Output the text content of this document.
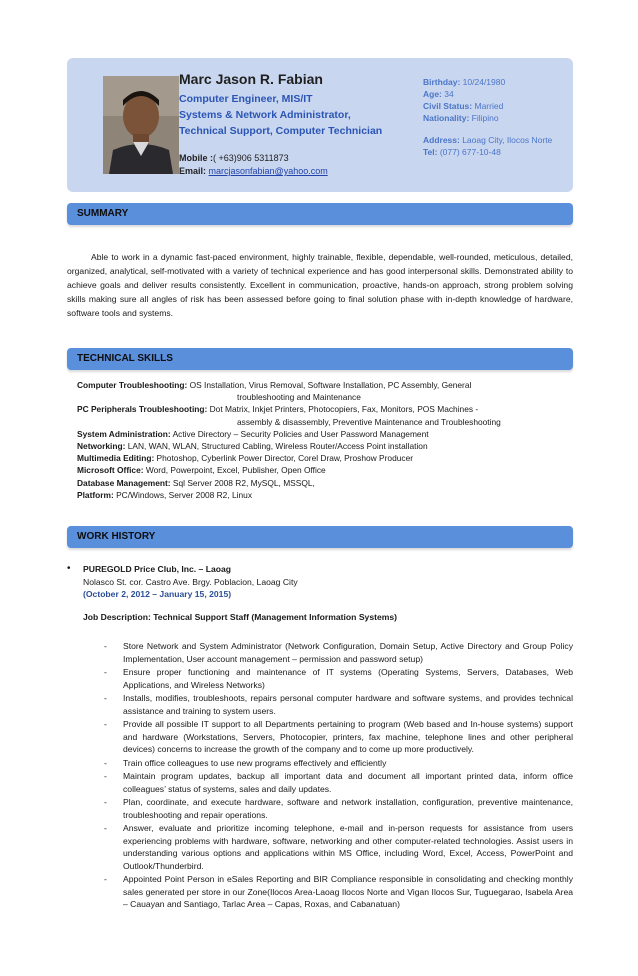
Marc Jason R. Fabian
Computer Engineer, MIS/IT
Systems & Network Administrator,
Technical Support, Computer Technician
Mobile :( +63)906 5311873
Email: marcjasonfabian@yahoo.com
Birthday: 10/24/1980
Age: 34
Civil Status: Married
Nationality: Filipino
Address: Laoag City, Ilocos Norte
Tel: (077) 677-10-48
SUMMARY
Able to work in a dynamic fast-paced environment, highly trainable, flexible, dependable, well-rounded, meticulous, detailed, organized, analytical, self-motivated with a variety of technical experience and has good interpersonal skills. Demonstrated ability to achieve goals and deliver results consistently. Excellent in communication, proactive, hands-on approach, strong problem solving skills making sure all angles of risk has been assessed before going to final solution phase with in-depth knowledge of hardware, software tools and systems.
TECHNICAL SKILLS
Computer Troubleshooting: OS Installation, Virus Removal, Software Installation, PC Assembly, General
troubleshooting and Maintenance
PC Peripherals Troubleshooting: Dot Matrix, Inkjet Printers, Photocopiers, Fax, Monitors, POS Machines -
assembly & disassembly, Preventive Maintenance and Troubleshooting
System Administration: Active Directory – Security Policies and User Password Management
Networking: LAN, WAN, WLAN, Structured Cabling, Wireless Router/Access Point installation
Multimedia Editing: Photoshop, Cyberlink Power Director, Corel Draw, Proshow Producer
Microsoft Office: Word, Powerpoint, Excel, Publisher, Open Office
Database Management: Sql Server 2008 R2, MySQL, MSSQL,
Platform: PC/Windows, Server 2008 R2, Linux
WORK HISTORY
•	PUREGOLD Price Club, Inc. – Laoag
Nolasco St. cor. Castro Ave. Brgy. Poblacion, Laoag City
(October 2, 2012 – January 15, 2015)
Job Description: Technical Support Staff (Management Information Systems)
- Store Network and System Administrator (Network Configuration, Domain Setup, Active Directory and Group Policy Implementation, User account management – permission and password setup)
- Ensure proper functioning and maintenance of IT systems (Operating Systems, Servers, Databases, Web Applications, and Wireless Networks)
- Installs, modifies, troubleshoots, repairs personal computer hardware and software systems, and provides technical assistance and training to system users.
- Provide all possible IT support to all Departments pertaining to program (Web based and In-house systems) support and hardware (Workstations, Servers, Photocopier, printers, fax machine, telephone lines and other peripheral devices) concerns to increase the growth of the company and to come up more productively.
- Train office colleagues to use new programs effectively and efficiently
- Maintain program updates, backup all important data and document all important printed data, inform office colleagues’ status of systems, sales and daily updates.
- Plan, coordinate, and execute hardware, software and network installation, configuration, preventive maintenance, troubleshooting and repair operations.
- Answer, evaluate and prioritize incoming telephone, e-mail and in-person requests for assistance from users experiencing problems with hardware, software, networking and other computer-related technologies. Assist users in understanding various options and applications within MS Office, including Word, Excel, Access, PowerPoint and Outlook/Thunderbird.
- Appointed Point Person in eSales Reporting and BIR Compliance responsible in consolidating and checking monthly sales generated per store in our Zone(Ilocos Area-Laoag Ilocos Norte and Vigan Ilocos Sur, Tuguegarao, Isabela Area – Cauayan and Santiago, Tarlac Area – Capas, Roxas, and Cabanatuan)
